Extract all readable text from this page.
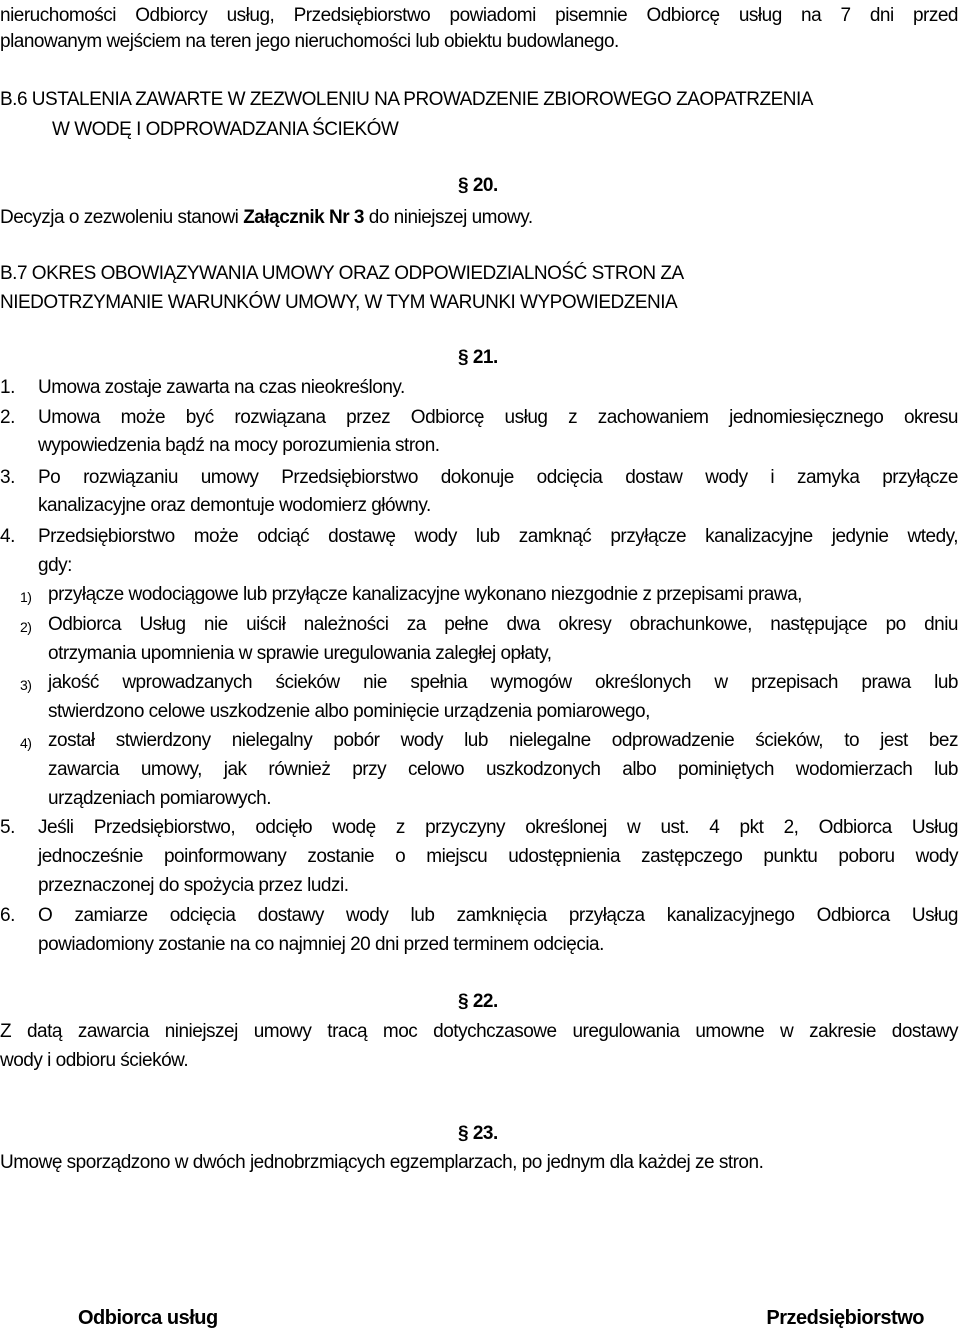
nieruchomości Odbiorcy usług, Przedsiębiorstwo powiadomi pisemnie Odbiorcę usług na 7 dni przed
planowanym wejściem na teren jego nieruchomości lub obiektu budowlanego.
B.6 USTALENIA ZAWARTE W ZEZWOLENIU NA PROWADZENIE ZBIOROWEGO ZAOPATRZENIA
W WODĘ I ODPROWADZANIA ŚCIEKÓW
§ 20.
Decyzja o zezwoleniu stanowi Załącznik Nr 3 do niniejszej umowy.
B.7 OKRES OBOWIĄZYWANIA UMOWY ORAZ ODPOWIEDZIALNOŚĆ STRON ZA
NIEDOTRZYMANIE WARUNKÓW UMOWY, W TYM WARUNKI WYPOWIEDZENIA
§ 21.
1. Umowa zostaje zawarta na czas nieokreślony.
2. Umowa może być rozwiązana przez Odbiorcę usług z zachowaniem jednomiesięcznego okresu
wypowiedzenia bądź na mocy porozumienia stron.
3. Po rozwiązaniu umowy Przedsiębiorstwo dokonuje odcięcia dostaw wody i zamyka przyłącze
kanalizacyjne oraz demontuje wodomierz główny.
4. Przedsiębiorstwo może odciąć dostawę wody lub zamknąć przyłącze kanalizacyjne jedynie wtedy,
gdy:
1) przyłącze wodociągowe lub przyłącze kanalizacyjne wykonano niezgodnie z przepisami prawa,
2) Odbiorca Usług nie uiścił należności za pełne dwa okresy obrachunkowe, następujące po dniu
otrzymania upomnienia w sprawie uregulowania zaległej opłaty,
3) jakość wprowadzanych ścieków nie spełnia wymogów określonych w przepisach prawa lub
stwierdzono celowe uszkodzenie albo pominięcie urządzenia pomiarowego,
4) został stwierdzony nielegalny pobór wody lub nielegalne odprowadzenie ścieków, to jest bez
zawarcia umowy, jak również przy celowo uszkodzonych albo pominiętych wodomierzach lub
urządzeniach pomiarowych.
5. Jeśli Przedsiębiorstwo, odcięło wodę z przyczyny określonej w ust. 4 pkt 2, Odbiorca Usług
jednocześnie poinformowany zostanie o miejscu udostępnienia zastępczego punktu poboru wody
przeznaczonej do spożycia przez ludzi.
6. O zamiarze odcięcia dostawy wody lub zamknięcia przyłącza kanalizacyjnego Odbiorca Usług
powiadomiony zostanie na co najmniej 20 dni przed terminem odcięcia.
§ 22.
Z datą zawarcia niniejszej umowy tracą moc dotychczasowe uregulowania umowne w zakresie dostawy
wody i odbioru ścieków.
§ 23.
Umowę sporządzono w dwóch jednobrzmiących egzemplarzach, po jednym dla każdej ze stron.
Odbiorca usług	Przedsiębiorstwo
